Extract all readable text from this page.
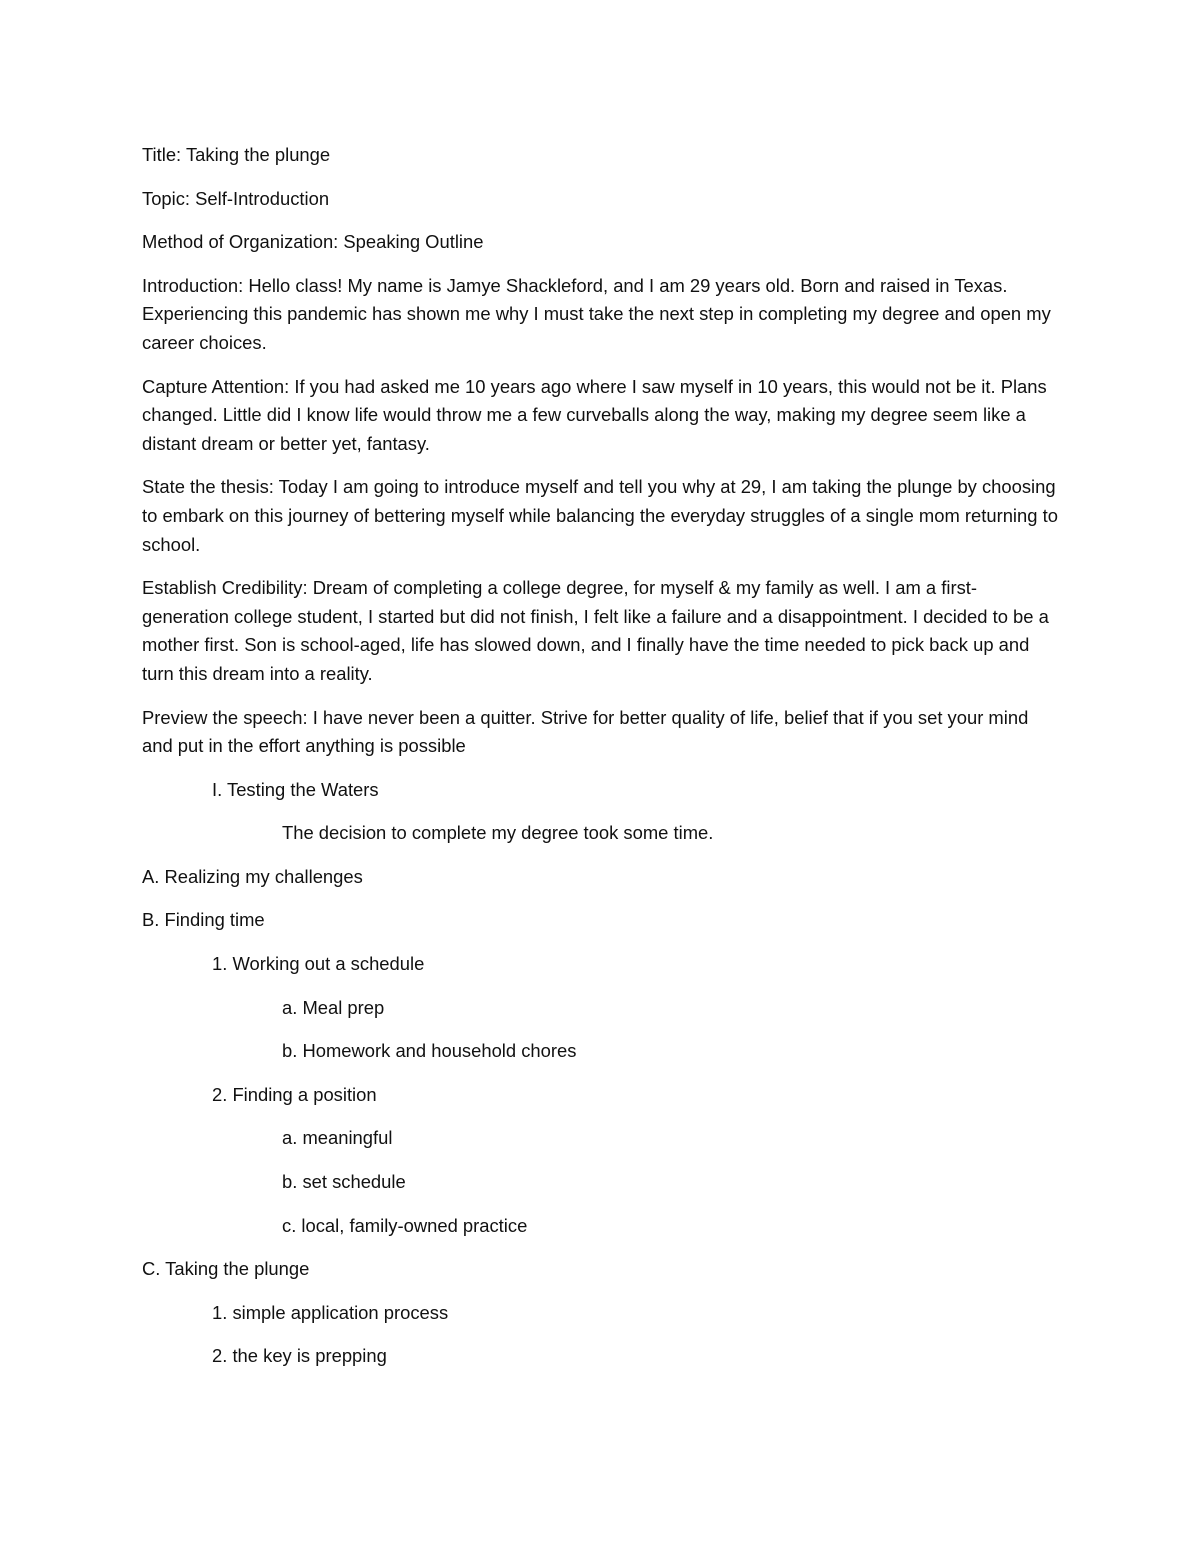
Title: Taking the plunge

Topic: Self-Introduction

Method of Organization: Speaking Outline

Introduction: Hello class! My name is Jamye Shackleford, and I am 29 years old. Born and raised in Texas. Experiencing this pandemic has shown me why I must take the next step in completing my degree and open my career choices.

Capture Attention: If you had asked me 10 years ago where I saw myself in 10 years, this would not be it. Plans changed. Little did I know life would throw me a few curveballs along the way, making my degree seem like a distant dream or better yet, fantasy.

State the thesis: Today I am going to introduce myself and tell you why at 29, I am taking the plunge by choosing to embark on this journey of bettering myself while balancing the everyday struggles of a single mom returning to school.

Establish Credibility: Dream of completing a college degree, for myself & my family as well. I am a first-generation college student, I started but did not finish, I felt like a failure and a disappointment. I decided to be a mother first. Son is school-aged, life has slowed down, and I finally have the time needed to pick back up and turn this dream into a reality.

Preview the speech: I have never been a quitter. Strive for better quality of life, belief that if you set your mind and put in the effort anything is possible

I. Testing the Waters

The decision to complete my degree took some time.

A. Realizing my challenges

B. Finding time

1. Working out a schedule

a. Meal prep

b. Homework and household chores

2. Finding a position

a. meaningful

b. set schedule

c. local, family-owned practice

C. Taking the plunge

1. simple application process

2. the key is prepping
